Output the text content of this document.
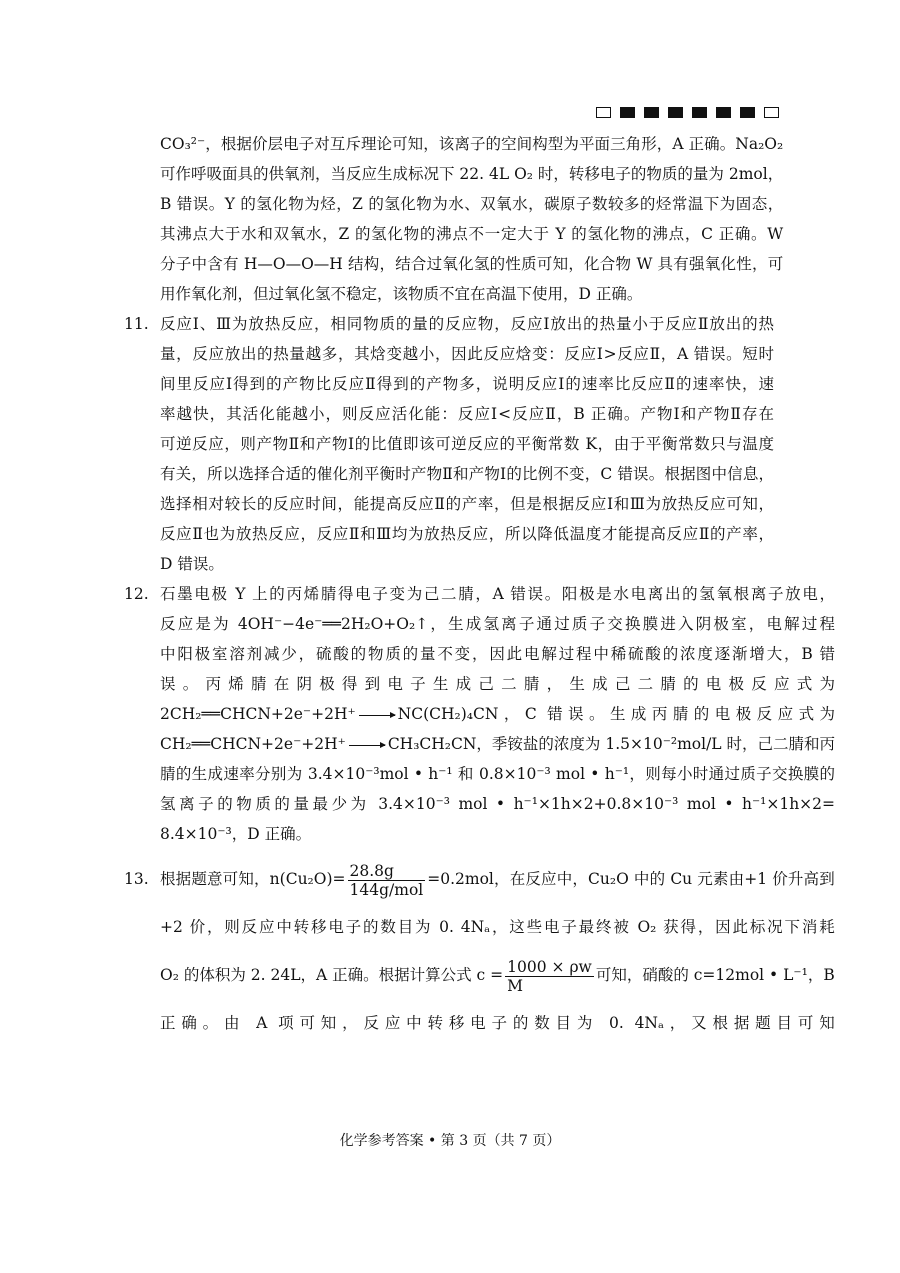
CO₃²⁻，根据价层电子对互斥理论可知，该离子的空间构型为平面三角形，A 正确。Na₂O₂
可作呼吸面具的供氧剂，当反应生成标况下 22. 4L O₂ 时，转移电子的物质的量为 2mol，
B 错误。Y 的氢化物为烃，Z 的氢化物为水、双氧水，碳原子数较多的烃常温下为固态，
其沸点大于水和双氧水，Z 的氢化物的沸点不一定大于 Y 的氢化物的沸点，C 正确。W
分子中含有 H—O—O—H 结构，结合过氧化氢的性质可知，化合物 W 具有强氧化性，可
用作氧化剂，但过氧化氢不稳定，该物质不宜在高温下使用，D 正确。
11. 反应Ⅰ、Ⅲ为放热反应，相同物质的量的反应物，反应Ⅰ放出的热量小于反应Ⅱ放出的热
量，反应放出的热量越多，其焓变越小，因此反应焓变：反应Ⅰ>反应Ⅱ，A 错误。短时
间里反应Ⅰ得到的产物比反应Ⅱ得到的产物多，说明反应Ⅰ的速率比反应Ⅱ的速率快，速
率越快，其活化能越小，则反应活化能：反应Ⅰ<反应Ⅱ，B 正确。产物Ⅰ和产物Ⅱ存在
可逆反应，则产物Ⅱ和产物Ⅰ的比值即该可逆反应的平衡常数 K，由于平衡常数只与温度
有关，所以选择合适的催化剂平衡时产物Ⅱ和产物Ⅰ的比例不变，C 错误。根据图中信息，
选择相对较长的反应时间，能提高反应Ⅱ的产率，但是根据反应Ⅰ和Ⅲ为放热反应可知，
反应Ⅱ也为放热反应，反应Ⅱ和Ⅲ均为放热反应，所以降低温度才能提高反应Ⅱ的产率，
D 错误。
12. 石墨电极 Y 上的丙烯腈得电子变为己二腈，A 错误。阳极是水电离出的氢氧根离子放电，
反应是为 4OH⁻−4e⁻══2H₂O+O₂↑，生成氢离子通过质子交换膜进入阴极室，电解过程
中阳极室溶剂减少，硫酸的物质的量不变，因此电解过程中稀硫酸的浓度逐渐增大，B 错
误。丙烯腈在阴极得到电子生成己二腈，生成己二腈的电极反应式为
2CH₂══CHCN+2e⁻+2H⁺ → NC(CH₂)₄CN，C 错误。生成丙腈的电极反应式为
CH₂══CHCN+2e⁻+2H⁺ → CH₃CH₂CN，季铵盐的浓度为 1.5×10⁻²mol/L 时，己二腈和丙
腈的生成速率分别为 3.4×10⁻³mol • h⁻¹ 和 0.8×10⁻³ mol • h⁻¹，则每小时通过质子交换膜的
氢离子的物质的量最少为 3.4×10⁻³ mol • h⁻¹×1h×2+0.8×10⁻³ mol • h⁻¹×1h×2=
8.4×10⁻³，D 正确。
13. 根据题意可知，$n(Cu_2O)= \frac{28.8g}{\text{144g/mol}} =0.2mol$，在反应中，Cu₂O 中的 Cu 元素由+1 价升高到
+2 价，则反应中转移电子的数目为 0. 4Nₐ，这些电子最终被 O₂ 获得，因此标况下消耗
O₂ 的体积为 2. 24L，A 正确。根据计算公式 $c = \frac{1000 \times \rho w}{M}$ 可知，硝酸的 c=12mol • L⁻¹，B
正确。由 A 项可知，反应中转移电子的数目为 0. 4Nₐ，又根据题目可知
化学参考答案 • 第 3 页（共 7 页）
